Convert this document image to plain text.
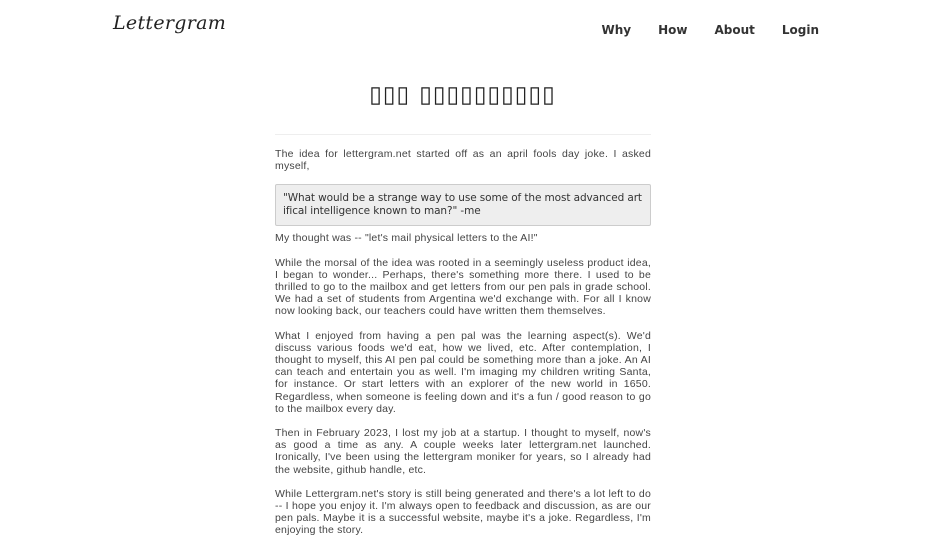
Lettergram	Why How About Login
▯▯▯ ▯▯▯▯▯▯▯▯▯▯

The idea for lettergram.net started off as an april fools day joke. I asked myself,

"What would be a strange way to use some of the most advanced artifical intelligence known to man?" -me

My thought was -- "let's mail physical letters to the AI!"

While the morsal of the idea was rooted in a seemingly useless product idea, I began to wonder... Perhaps, there's something more there. I used to be thrilled to go to the mailbox and get letters from our pen pals in grade school. We had a set of students from Argentina we'd exchange with. For all I know now looking back, our teachers could have written them themselves.

What I enjoyed from having a pen pal was the learning aspect(s). We'd discuss various foods we'd eat, how we lived, etc. After contemplation, I thought to myself, this AI pen pal could be something more than a joke. An AI can teach and entertain you as well. I'm imaging my children writing Santa, for instance. Or start letters with an explorer of the new world in 1650. Regardless, when someone is feeling down and it's a fun / good reason to go to the mailbox every day.

Then in February 2023, I lost my job at a startup. I thought to myself, now's as good a time as any. A couple weeks later lettergram.net launched. Ironically, I've been using the lettergram moniker for years, so I already had the website, github handle, etc.

While Lettergram.net's story is still being generated and there's a lot left to do -- I hope you enjoy it. I'm always open to feedback and discussion, as are our pen pals. Maybe it is a successful website, maybe it's a joke. Regardless, I'm enjoying the story.
